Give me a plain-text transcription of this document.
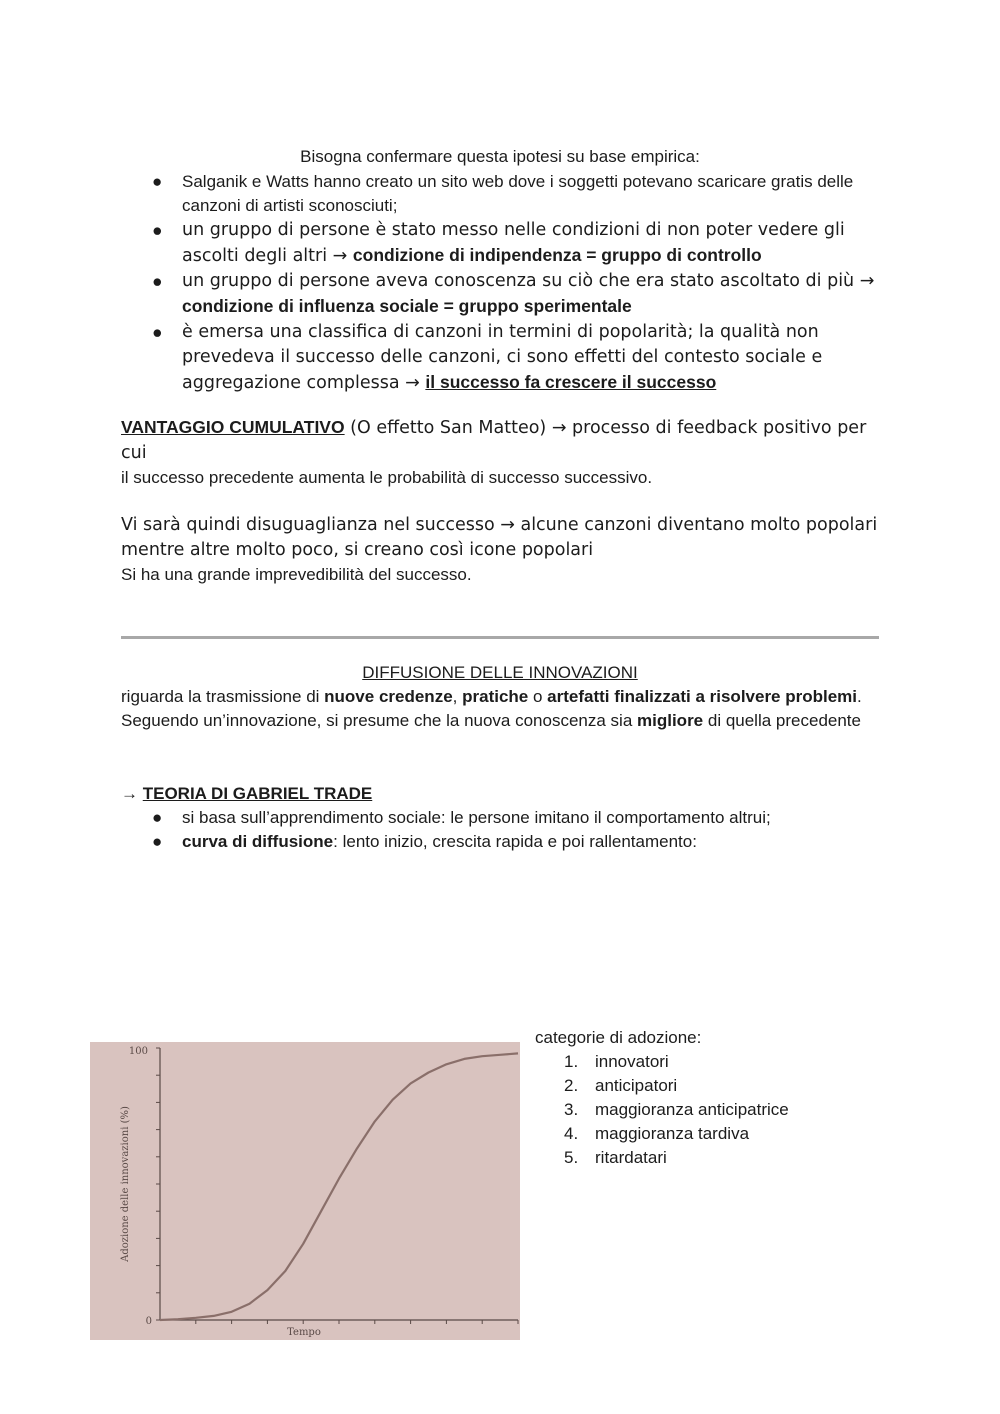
Bisogna confermare questa ipotesi su base empirica:
● Salganik e Watts hanno creato un sito web dove i soggetti potevano scaricare gratis delle canzoni di artisti sconosciuti;
● un gruppo di persone è stato messo nelle condizioni di non poter vedere gli ascolti degli altri → condizione di indipendenza = gruppo di controllo
● un gruppo di persone aveva conoscenza su ciò che era stato ascoltato di più → condizione di influenza sociale = gruppo sperimentale
● è emersa una classifica di canzoni in termini di popolarità; la qualità non prevedeva il successo delle canzoni, ci sono effetti del contesto sociale e aggregazione complessa → il successo fa crescere il successo
VANTAGGIO CUMULATIVO (O effetto San Matteo) → processo di feedback positivo per cui
il successo precedente aumenta le probabilità di successo successivo.
Vi sarà quindi disuguaglianza nel successo → alcune canzoni diventano molto popolari mentre altre molto poco, si creano così icone popolari
Si ha una grande imprevedibilità del successo.
DIFFUSIONE DELLE INNOVAZIONI
riguarda la trasmissione di nuove credenze, pratiche o artefatti finalizzati a risolvere problemi. Seguendo un’innovazione, si presume che la nuova conoscenza sia migliore di quella precedente
→ TEORIA DI GABRIEL TRADE
● si basa sull’apprendimento sociale: le persone imitano il comportamento altrui;
● curva di diffusione: lento inizio, crescita rapida e poi rallentamento:
0
100
Tempo
Adozione delle innovazioni (%)
categorie di adozione:
1. innovatori
2. anticipatori
3. maggioranza anticipatrice
4. maggioranza tardiva
5. ritardatari
